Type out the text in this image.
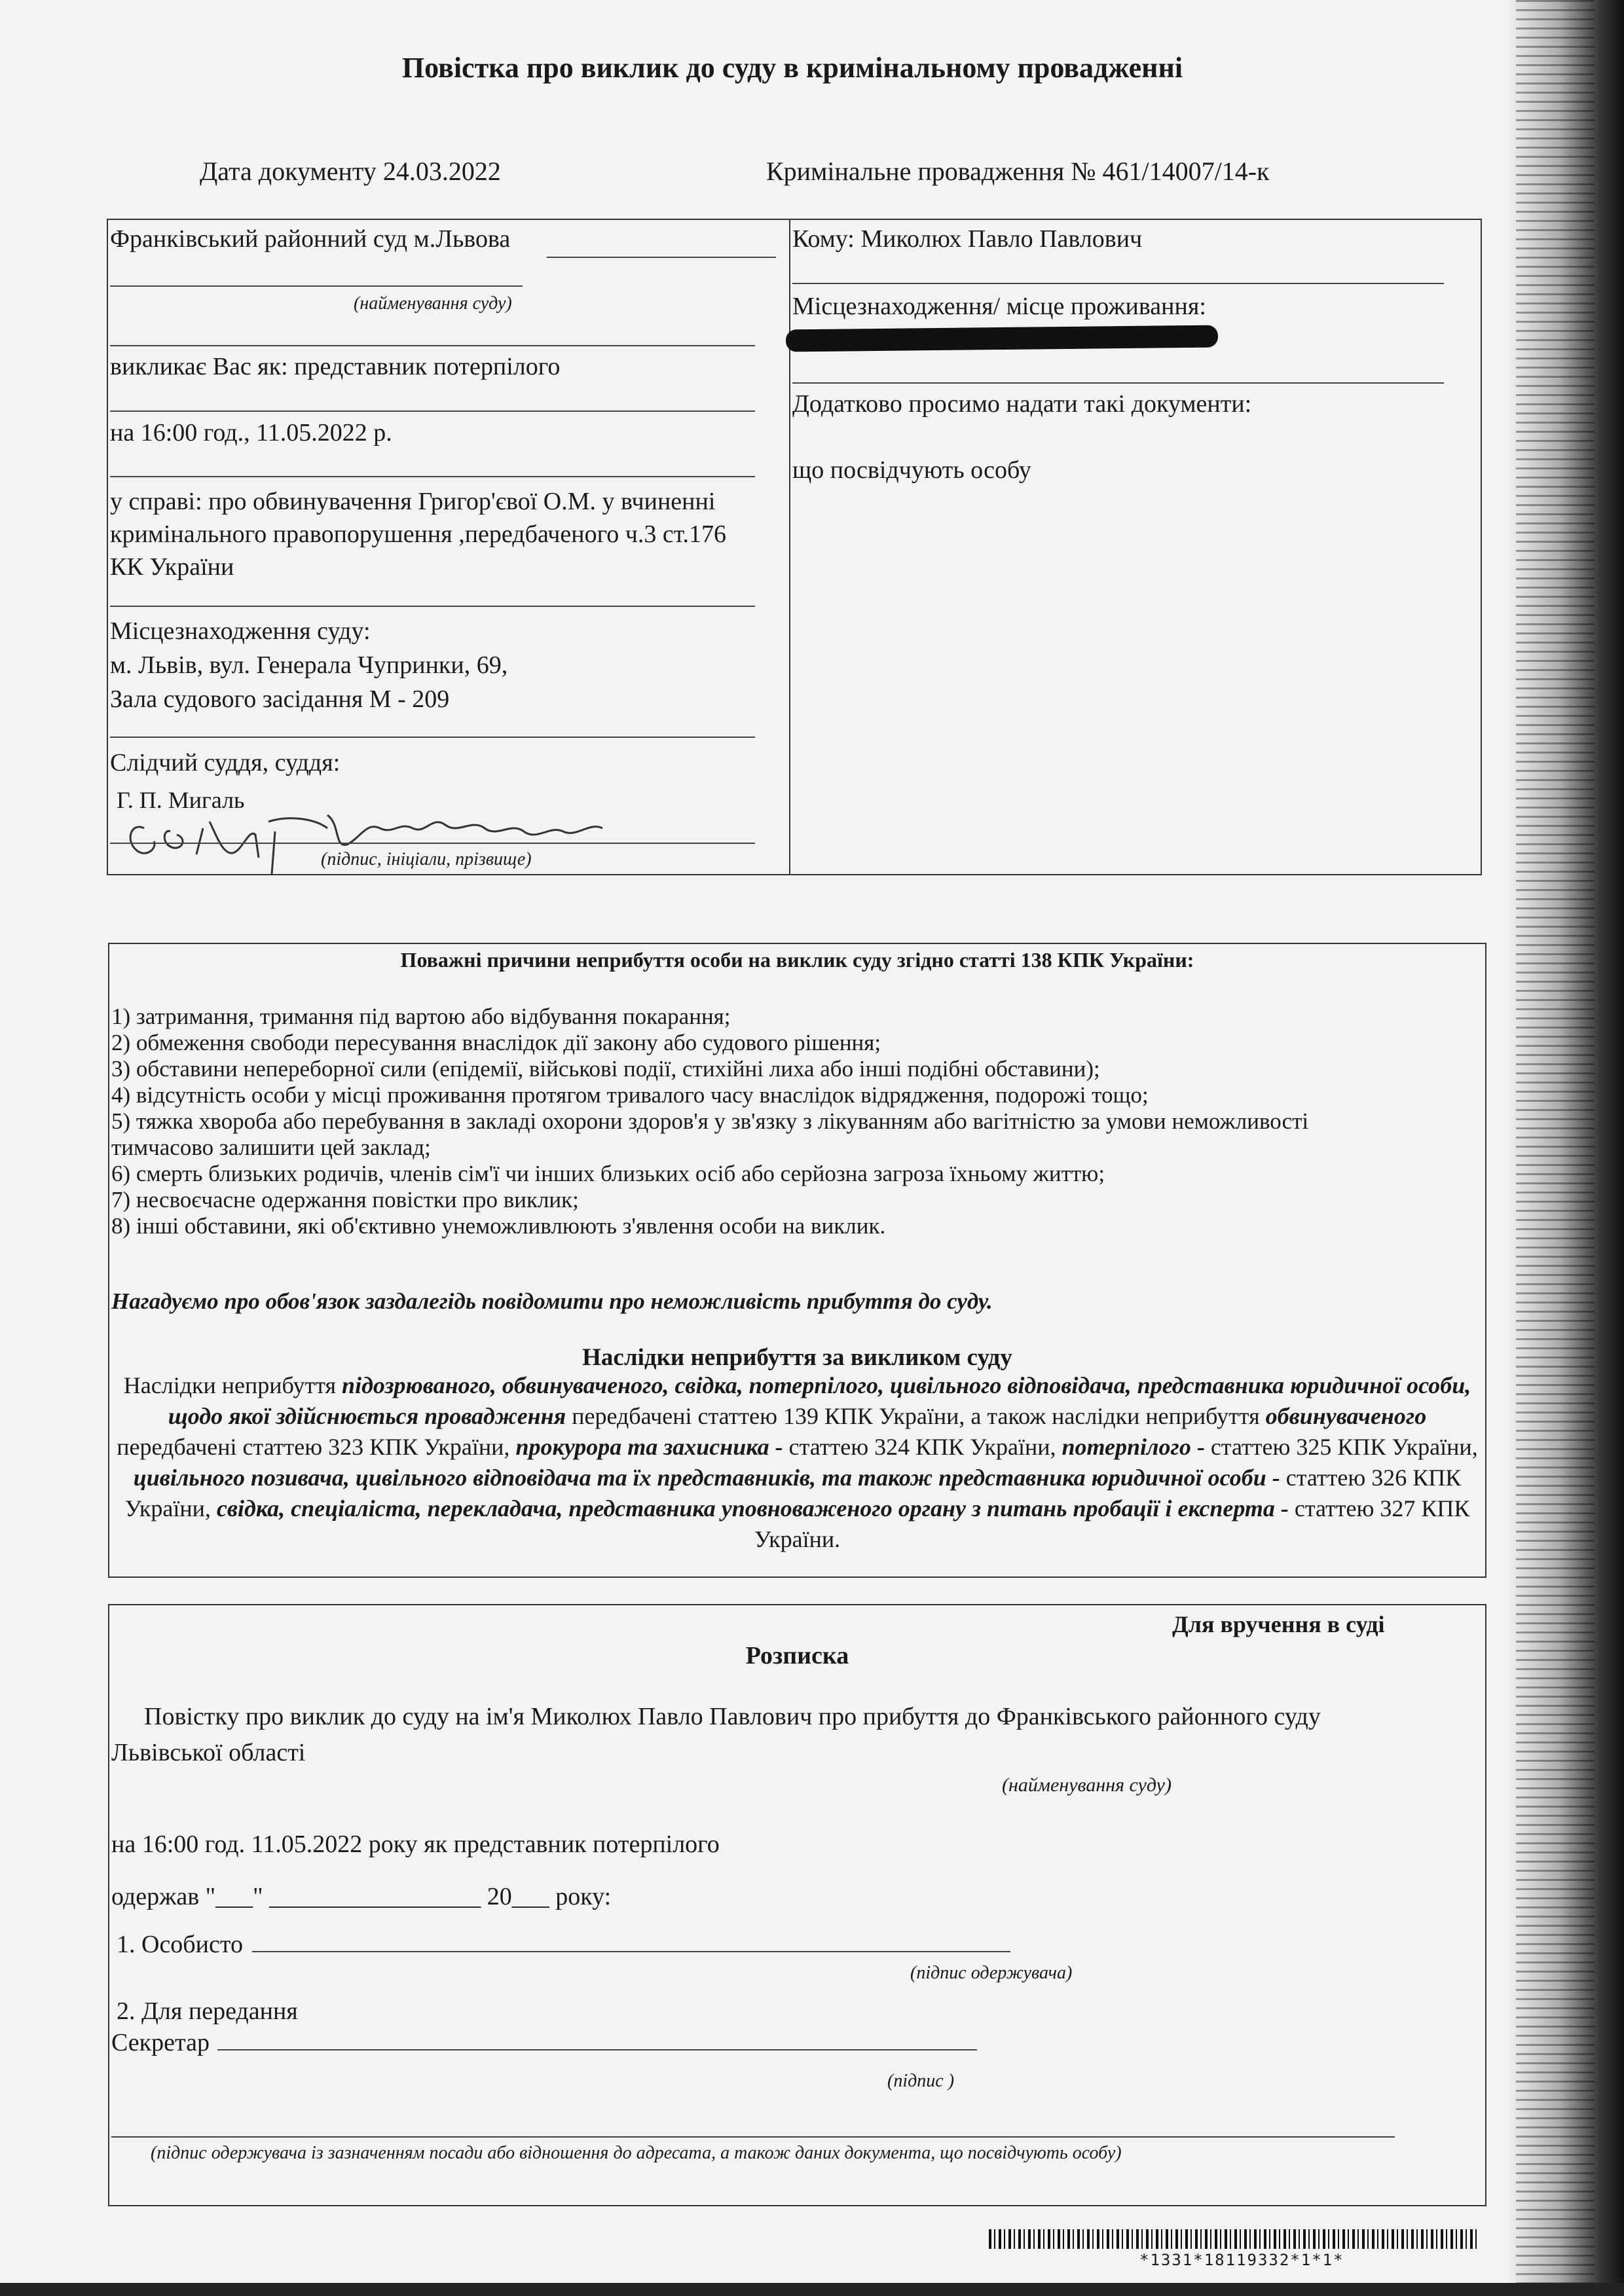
Повістка про виклик до суду в кримінальному провадженні
Дата документу 24.03.2022	Кримінальне провадження № 461/14007/14-к
Франківський районний суд м.Львова
(найменування суду)
викликає Вас як: представник потерпілого
на 16:00 год., 11.05.2022 р.
у справі: про обвинувачення Григор'євої О.М. у вчиненні
кримінального правопорушення ,передбаченого ч.3 ст.176
КК України
Місцезнаходження суду:
м. Львів, вул. Генерала Чупринки, 69,
Зала судового засідання М - 209
Слідчий суддя, суддя:
Г. П. Мигаль
(підпис, ініціали, прізвище)
Кому: Миколюх Павло Павлович
Місцезнаходження/ місце проживання:
Додатково просимо надати такі документи:
що посвідчують особу
Поважні причини неприбуття особи на виклик суду згідно статті 138 КПК України:
1) затримання, тримання під вартою або відбування покарання;
2) обмеження свободи пересування внаслідок дії закону або судового рішення;
3) обставини непереборної сили (епідемії, військові події, стихійні лиха або інші подібні обставини);
4) відсутність особи у місці проживання протягом тривалого часу внаслідок відрядження, подорожі тощо;
5) тяжка хвороба або перебування в закладі охорони здоров'я у зв'язку з лікуванням або вагітністю за умови неможливості
тимчасово залишити цей заклад;
6) смерть близьких родичів, членів сім'ї чи інших близьких осіб або серйозна загроза їхньому життю;
7) несвоєчасне одержання повістки про виклик;
8) інші обставини, які об'єктивно унеможливлюють з'явлення особи на виклик.
Нагадуємо про обов'язок заздалегідь повідомити про неможливість прибуття до суду.
Наслідки неприбуття за викликом суду
Наслідки неприбуття підозрюваного, обвинуваченого, свідка, потерпілого, цивільного відповідача, представника юридичної особи, щодо якої здійснюється провадження передбачені статтею 139 КПК України, а також наслідки неприбуття обвинуваченого передбачені статтею 323 КПК України, прокурора та захисника - статтею 324 КПК України, потерпілого - статтею 325 КПК України, цивільного позивача, цивільного відповідача та їх представників, та також представника юридичної особи - статтею 326 КПК України, свідка, спеціаліста, перекладача, представника уповноваженого органу з питань пробації і експерта - статтею 327 КПК України.
Для вручення в суді
Розписка
Повістку про виклик до суду на ім'я Миколюх Павло Павлович про прибуття до Франківського районного суду
Львівської області
(найменування суду)
на 16:00 год. 11.05.2022 року як представник потерпілого
одержав "___" _________________ 20___ року:
1. Особисто
(підпис одержувача)
2. Для передання
Секретар
(підпис )
(підпис одержувача із зазначенням посади або відношення до адресата, а також даних документа, що посвідчують особу)
*1331*18119332*1*1*
